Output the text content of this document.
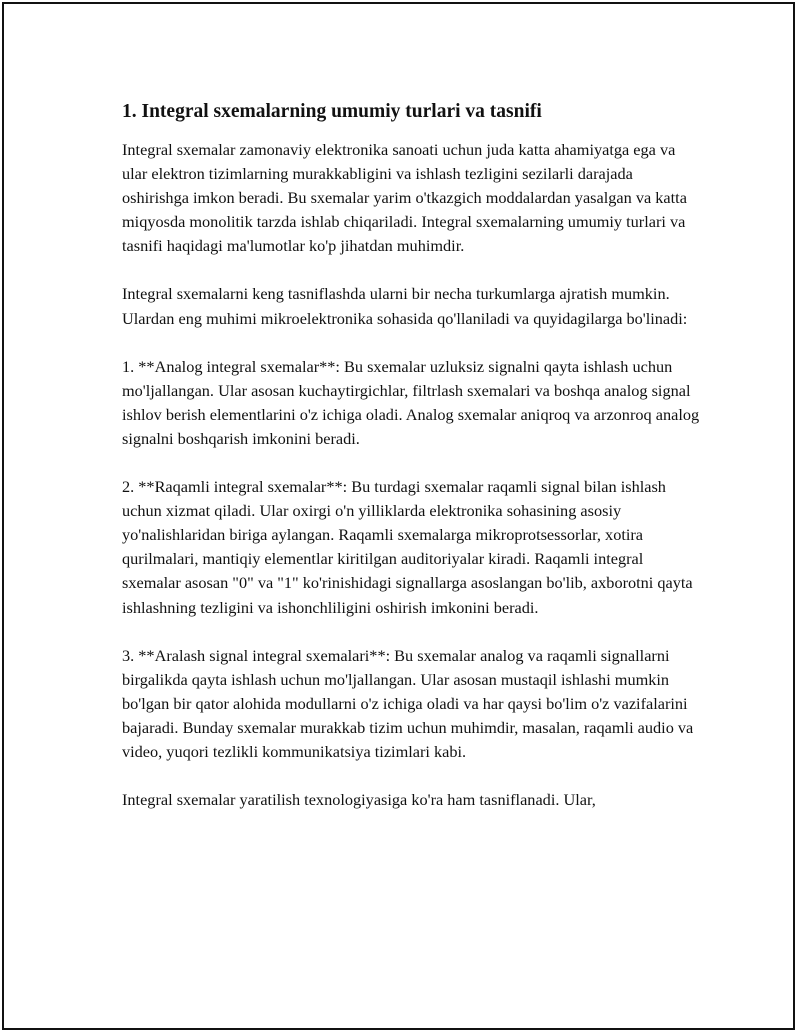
1. Integral sxemalarning umumiy turlari va tasnifi

Integral sxemalar zamonaviy elektronika sanoati uchun juda katta ahamiyatga ega va ular elektron tizimlarning murakkabligini va ishlash tezligini sezilarli darajada oshirishga imkon beradi. Bu sxemalar yarim o'tkazgich moddalardan yasalgan va katta miqyosda monolitik tarzda ishlab chiqariladi. Integral sxemalarning umumiy turlari va tasnifi haqidagi ma'lumotlar ko'p jihatdan muhimdir.

Integral sxemalarni keng tasniflashda ularni bir necha turkumlarga ajratish mumkin. Ulardan eng muhimi mikroelektronika sohasida qo'llaniladi va quyidagilarga bo'linadi:

1. **Analog integral sxemalar**: Bu sxemalar uzluksiz signalni qayta ishlash uchun mo'ljallangan. Ular asosan kuchaytirgichlar, filtrlash sxemalari va boshqa analog signal ishlov berish elementlarini o'z ichiga oladi. Analog sxemalar aniqroq va arzonroq analog signalni boshqarish imkonini beradi.

2. **Raqamli integral sxemalar**: Bu turdagi sxemalar raqamli signal bilan ishlash uchun xizmat qiladi. Ular oxirgi o'n yilliklarda elektronika sohasining asosiy yo'nalishlaridan biriga aylangan. Raqamli sxemalarga mikroprotsessorlar, xotira qurilmalari, mantiqiy elementlar kiritilgan auditoriyalar kiradi. Raqamli integral sxemalar asosan "0" va "1" ko'rinishidagi signallarga asoslangan bo'lib, axborotni qayta ishlashning tezligini va ishonchliligini oshirish imkonini beradi.

3. **Aralash signal integral sxemalari**: Bu sxemalar analog va raqamli signallarni birgalikda qayta ishlash uchun mo'ljallangan. Ular asosan mustaqil ishlashi mumkin bo'lgan bir qator alohida modullarni o'z ichiga oladi va har qaysi bo'lim o'z vazifalarini bajaradi. Bunday sxemalar murakkab tizim uchun muhimdir, masalan, raqamli audio va video, yuqori tezlikli kommunikatsiya tizimlari kabi.

Integral sxemalar yaratilish texnologiyasiga ko'ra ham tasniflanadi. Ular,
